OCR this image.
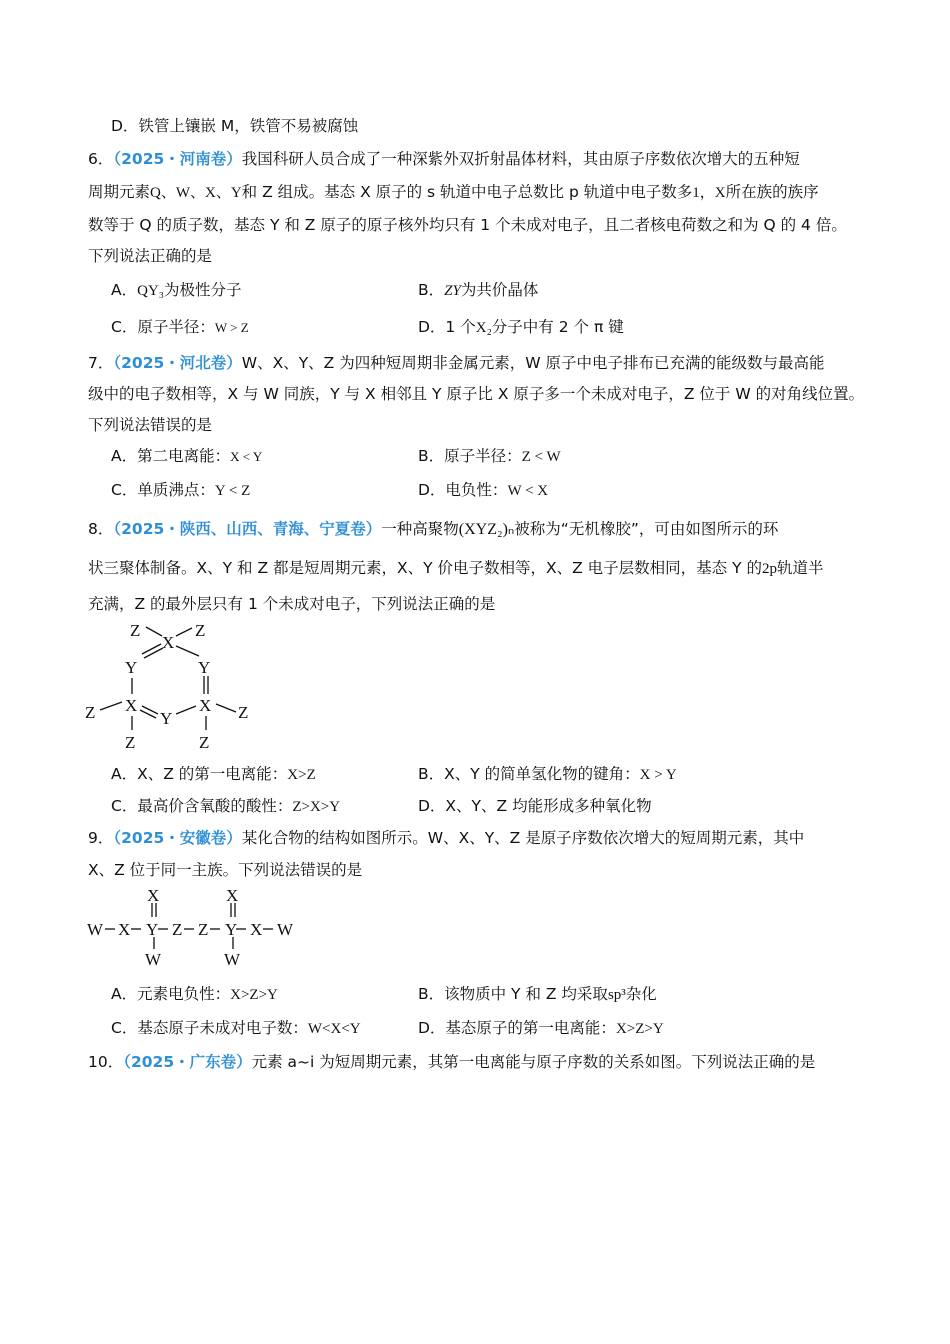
D．铁管上镶嵌 M，铁管不易被腐蚀
6．（2025・河南卷）我国科研人员合成了一种深紫外双折射晶体材料，其由原子序数依次增大的五种短
周期元素Q、W、X、Y和 Z 组成。基态 X 原子的 s 轨道中电子总数比 p 轨道中电子数多1，X所在族的族序
数等于 Q 的质子数，基态 Y 和 Z 原子的原子核外均只有 1 个未成对电子，且二者核电荷数之和为 Q 的 4 倍。
下列说法正确的是
A．QY₃为极性分子	B．ZY为共价晶体
C．原子半径：W > Z	D．1 个X₂分子中有 2 个 π 键
7．（2025・河北卷）W、X、Y、Z 为四种短周期非金属元素，W 原子中电子排布已充满的能级数与最高能
级中的电子数相等，X 与 W 同族，Y 与 X 相邻且 Y 原子比 X 原子多一个未成对电子，Z 位于 W 的对角线位置。
下列说法错误的是
A．第二电离能：X < Y	B．原子半径：Z < W
C．单质沸点：Y < Z	D．电负性：W < X
8．（2025・陕西、山西、青海、宁夏卷）一种高聚物(XYZ₂)ₙ被称为“无机橡胶”，可由如图所示的环
状三聚体制备。X、Y 和 Z 都是短周期元素，X、Y 价电子数相等，X、Z 电子层数相同，基态 Y 的2p轨道半
充满，Z 的最外层只有 1 个未成对电子，下列说法正确的是
Z
X
Z
Y	Y
Z X
Y
X Z
Z	Z
A．X、Z 的第一电离能：X>Z	B．X、Y 的简单氢化物的键角：X > Y
C．最高价含氧酸的酸性：Z>X>Y	D．X、Y、Z 均能形成多种氧化物
9．（2025・安徽卷）某化合物的结构如图所示。W、X、Y、Z 是原子序数依次增大的短周期元素，其中
X、Z 位于同一主族。下列说法错误的是
X	X
W X Y Z Z Y X W
W	W
A．元素电负性：X>Z>Y	B．该物质中 Y 和 Z 均采取sp³杂化
C．基态原子未成对电子数：W<X<Y	D．基态原子的第一电离能：X>Z>Y
10．（2025・广东卷）元素 a~i 为短周期元素，其第一电离能与原子序数的关系如图。下列说法正确的是
